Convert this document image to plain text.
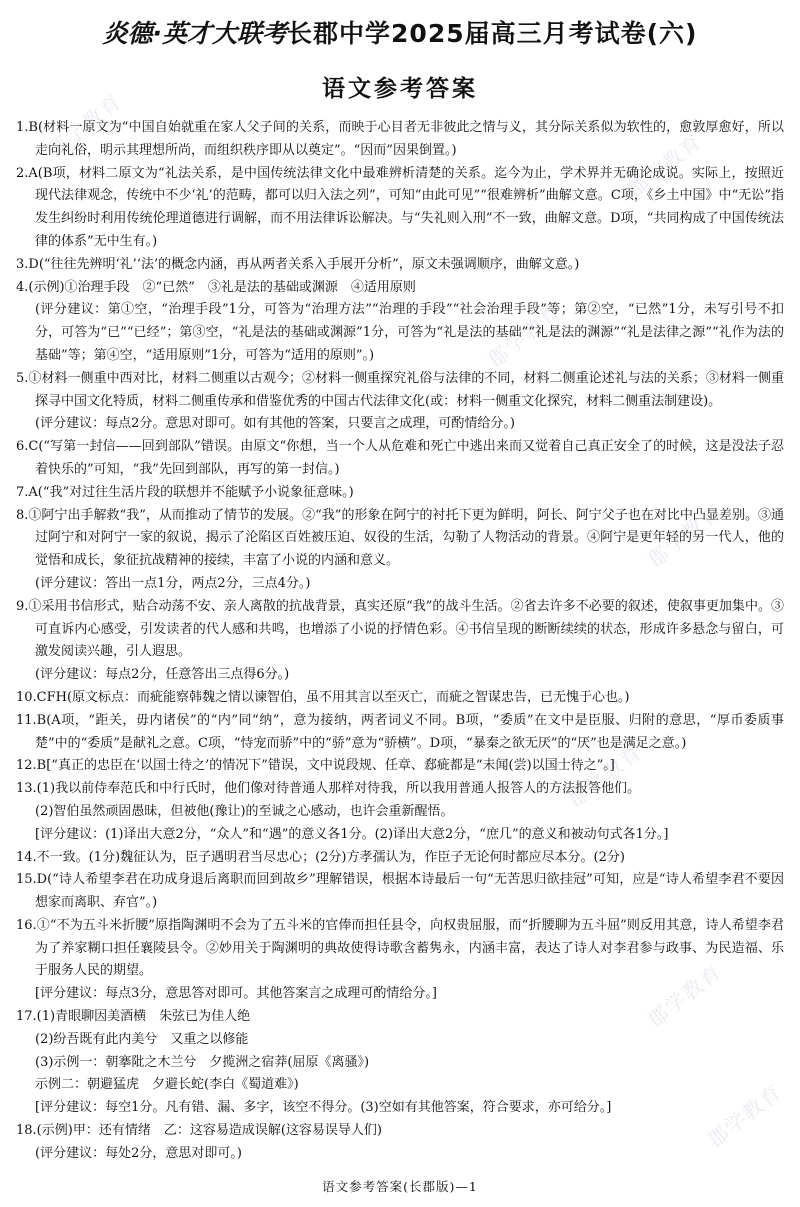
郡学教育
郡学教育
郡学教育
郡学教育
郡学教育
郡学教育
郡学教育
炎德·英才大联考长郡中学2025届高三月考试卷(六)
语文参考答案

1.B(材料一原文为“中国自始就重在家人父子间的关系，而映于心目者无非彼此之情与义，其分际关系似为软性的，愈敦厚愈好，所以走向礼俗，明示其理想所尚，而组织秩序即从以奠定”。“因而”因果倒置。)

2.A(B项，材料二原文为“礼法关系，是中国传统法律文化中最难辨析清楚的关系。迄今为止，学术界并无确论成说。实际上，按照近现代法律观念，传统中不少‘礼’的范畴，都可以归入法之列”，可知“由此可见”“很难辨析”曲解文意。C项，《乡土中国》中“无讼”指发生纠纷时利用传统伦理道德进行调解，而不用法律诉讼解决。与“失礼则入刑”不一致，曲解文意。D项，“共同构成了中国传统法律的体系”无中生有。)

3.D(“往往先辨明‘礼’‘法’的概念内涵，再从两者关系入手展开分析”，原文未强调顺序，曲解文意。)

4.(示例)①治理手段　②“已然”　③礼是法的基础或渊源　④适用原则

(评分建议：第①空，“治理手段”1分，可答为“治理方法”“治理的手段”“社会治理手段”等；第②空，“已然”1分，未写引号不扣分，可答为“已”“已经”；第③空，“礼是法的基础或渊源”1分，可答为“礼是法的基础”“礼是法的渊源”“礼是法律之源”“礼作为法的基础”等；第④空，“适用原则”1分，可答为“适用的原则”。)

5.①材料一侧重中西对比，材料二侧重以古观今；②材料一侧重探究礼俗与法律的不同，材料二侧重论述礼与法的关系；③材料一侧重探寻中国文化特质，材料二侧重传承和借鉴优秀的中国古代法律文化(或：材料一侧重文化探究，材料二侧重法制建设)。

(评分建议：每点2分。意思对即可。如有其他的答案，只要言之成理，可酌情给分。)

6.C(“写第一封信——回到部队”错误。由原文“你想，当一个人从危难和死亡中逃出来而又觉着自己真正安全了的时候，这是没法子忍着快乐的”可知，“我”先回到部队，再写的第一封信。)

7.A(“我”对过往生活片段的联想并不能赋予小说象征意味。)

8.①阿宁出手解救“我”，从而推动了情节的发展。②“我”的形象在阿宁的衬托下更为鲜明，阿长、阿宁父子也在对比中凸显差别。③通过阿宁和对阿宁一家的叙说，揭示了沦陷区百姓被压迫、奴役的生活，勾勒了人物活动的背景。④阿宁是更年轻的另一代人，他的觉悟和成长，象征抗战精神的接续，丰富了小说的内涵和意义。

(评分建议：答出一点1分，两点2分，三点4分。)

9.①采用书信形式，贴合动荡不安、亲人离散的抗战背景，真实还原“我”的战斗生活。②省去许多不必要的叙述，使叙事更加集中。③可直诉内心感受，引发读者的代人感和共鸣，也增添了小说的抒情色彩。④书信呈现的断断续续的状态，形成许多悬念与留白，可激发阅读兴趣，引人遐思。

(评分建议：每点2分，任意答出三点得6分。)

10.CFH(原文标点：而疵能察韩魏之情以谏智伯，虽不用其言以至灭亡，而疵之智谋忠告，已无愧于心也。)

11.B(A项，“距关，毋内诸侯”的“内”同“纳”，意为接纳，两者词义不同。B项，“委质”在文中是臣服、归附的意思，“厚币委质事楚”中的“委质”是献礼之意。C项，“恃宠而骄”中的“骄”意为“骄横”。D项，“暴秦之欲无厌”的“厌”也是满足之意。)

12.B[“真正的忠臣在‘以国士待之’的情况下”错误，文中说段规、任章、郄疵都是“未闻(尝)以国士待之”。]

13.(1)我以前侍奉范氏和中行氏时，他们像对待普通人那样对待我，所以我用普通人报答人的方法报答他们。

(2)智伯虽然顽固愚昧，但被他(豫让)的至诚之心感动，也许会重新醒悟。

[评分建议：(1)译出大意2分，“众人”和“遇”的意义各1分。(2)译出大意2分，“庶几”的意义和被动句式各1分。]

14.不一致。(1分)魏征认为，臣子遇明君当尽忠心；(2分)方孝孺认为，作臣子无论何时都应尽本分。(2分)

15.D(“诗人希望李君在功成身退后离职而回到故乡”理解错误，根据本诗最后一句“无苦思归欲挂冠”可知，应是“诗人希望李君不要因想家而离职、弃官”。)

16.①“不为五斗米折腰”原指陶渊明不会为了五斗米的官俸而担任县令，向权贵屈服，而“折腰聊为五斗屈”则反用其意，诗人希望李君为了养家糊口担任襄陵县令。②妙用关于陶渊明的典故使得诗歌含蓄隽永，内涵丰富，表达了诗人对李君参与政事、为民造福、乐于服务人民的期望。

[评分建议：每点3分，意思答对即可。其他答案言之成理可酌情给分。]

17.(1)青眼聊因美酒横　朱弦已为佳人绝

(2)纷吾既有此内美兮　又重之以修能

(3)示例一：朝搴阰之木兰兮　夕揽洲之宿莽(屈原《离骚》)

示例二：朝避猛虎　夕避长蛇(李白《蜀道难》)

[评分建议：每空1分。凡有错、漏、多字，该空不得分。(3)空如有其他答案，符合要求，亦可给分。]

18.(示例)甲：还有情绪　乙：这容易造成误解(这容易误导人们)

(评分建议：每处2分，意思对即可。)

语文参考答案(长郡版)—1
